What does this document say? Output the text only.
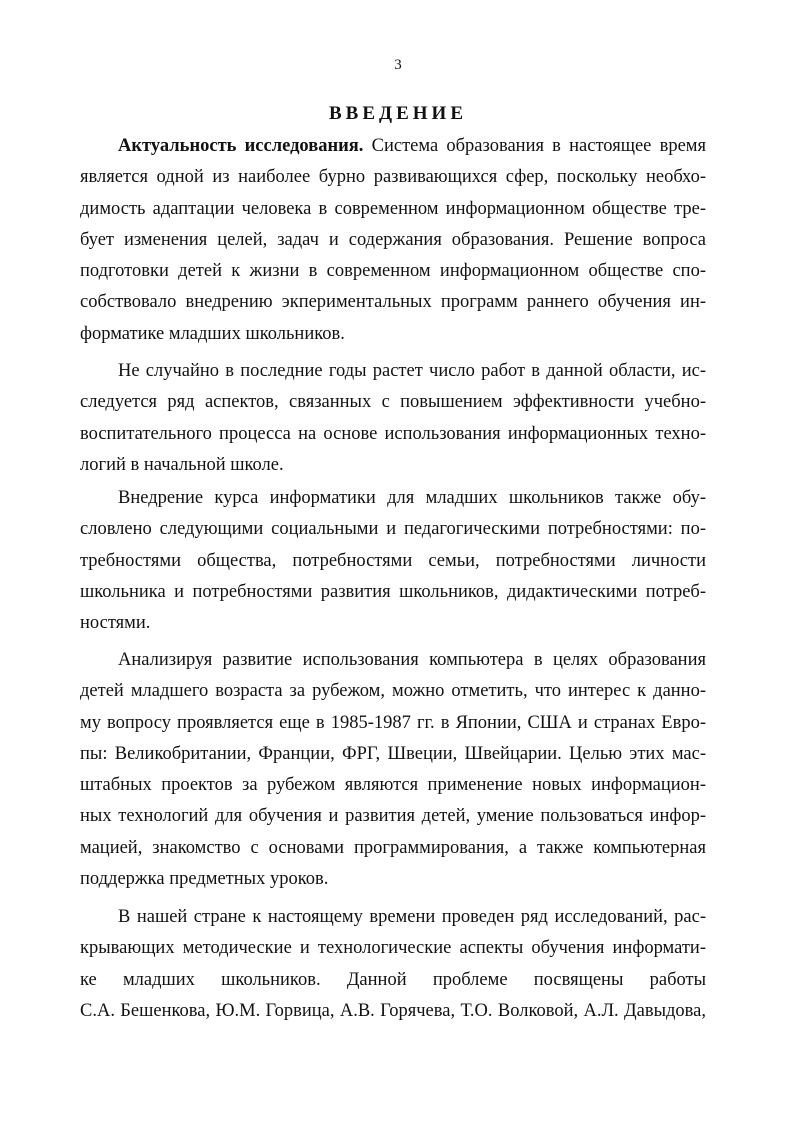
3
ВВЕДЕНИЕ
Актуальность исследования. Система образования в настоящее время
является одной из наиболее бурно развивающихся сфер, поскольку необхо-
димость адаптации человека в современном информационном обществе тре-
бует изменения целей, задач и содержания образования. Решение вопроса
подготовки детей к жизни в современном информационном обществе спо-
собствовало внедрению экпериментальных программ раннего обучения ин-
форматике младших школьников.
Не случайно в последние годы растет число работ в данной области, ис-
следуется ряд аспектов, связанных с повышением эффективности учебно-
воспитательного процесса на основе использования информационных техно-
логий в начальной школе.
Внедрение курса информатики для младших школьников также обу-
словлено следующими социальными и педагогическими потребностями: по-
требностями общества, потребностями семьи, потребностями личности
школьника и потребностями развития школьников, дидактическими потреб-
ностями.
Анализируя развитие использования компьютера в целях образования
детей младшего возраста за рубежом, можно отметить, что интерес к данно-
му вопросу проявляется еще в 1985-1987 гг. в Японии, США и странах Евро-
пы: Великобритании, Франции, ФРГ, Швеции, Швейцарии. Целью этих мас-
штабных проектов за рубежом являются применение новых информацион-
ных технологий для обучения и развития детей, умение пользоваться инфор-
мацией, знакомство с основами программирования, а также компьютерная
поддержка предметных уроков.
В нашей стране к настоящему времени проведен ряд исследований, рас-
крывающих методические и технологические аспекты обучения информати-
ке младших школьников. Данной проблеме посвящены работы
С.А. Бешенкова, Ю.М. Горвица, А.В. Горячева, Т.О. Волковой, А.Л. Давыдова,
